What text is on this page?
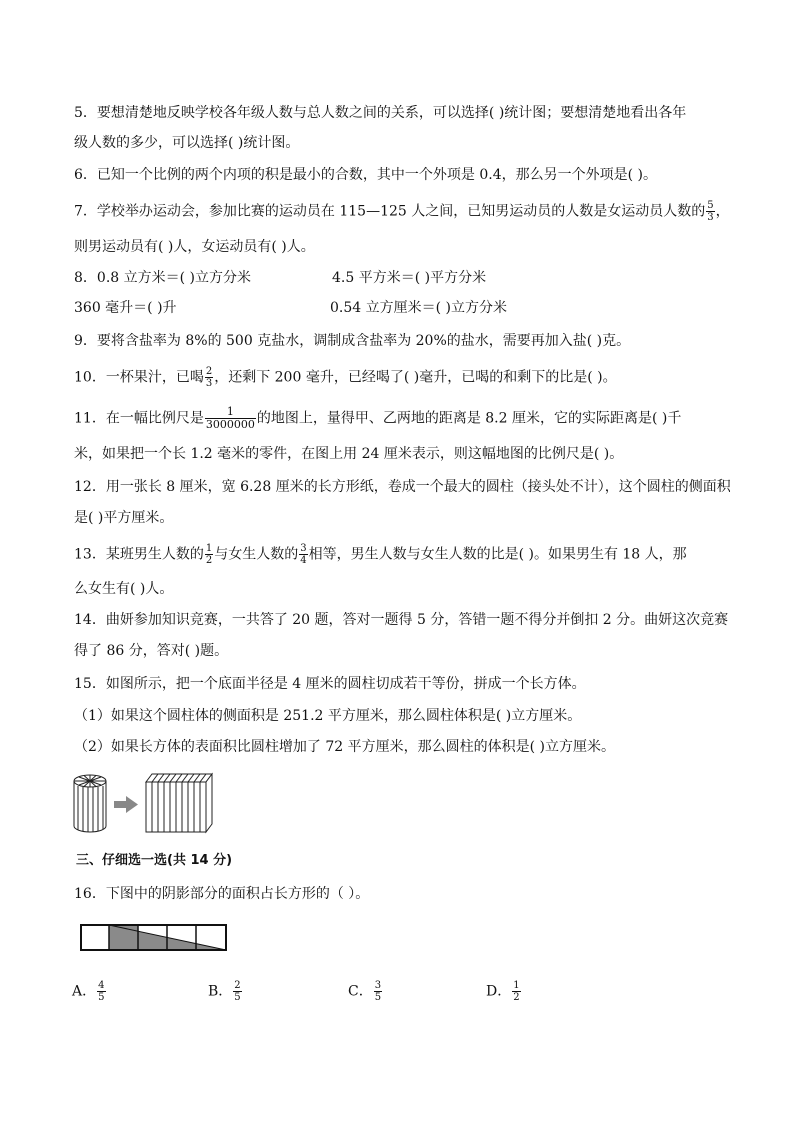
5．要想清楚地反映学校各年级人数与总人数之间的关系，可以选择( )统计图；要想清楚地看出各年
级人数的多少，可以选择( )统计图。
6．已知一个比例的两个内项的积是最小的合数，其中一个外项是 0.4，那么另一个外项是( )。
7．学校举办运动会，参加比赛的运动员在 115—125 人之间，已知男运动员的人数是女运动员人数的 $\frac{5}{3}$ ，
则男运动员有( )人，女运动员有( )人。
8．0.8 立方米＝( )立方分米	4.5 平方米＝( )平方分米
360 毫升＝( )升	0.54 立方厘米＝( )立方分米
9．要将含盐率为 8%的 500 克盐水，调制成含盐率为 20%的盐水，需要再加入盐( )克。
10．一杯果汁，已喝 $\frac{2}{3}$ ，还剩下 200 毫升，已经喝了( )毫升，已喝的和剩下的比是( )。
11．在一幅比例尺是 $\frac{1}{3000000}$ 的地图上，量得甲、乙两地的距离是 8.2 厘米，它的实际距离是( )千
米，如果把一个长 1.2 毫米的零件，在图上用 24 厘米表示，则这幅地图的比例尺是( )。
12．用一张长 8 厘米，宽 6.28 厘米的长方形纸，卷成一个最大的圆柱（接头处不计），这个圆柱的侧面积
是( )平方厘米。
13．某班男生人数的 $\frac{1}{2}$ 与女生人数的 $\frac{3}{4}$ 相等，男生人数与女生人数的比是( )。如果男生有 18 人，那
么女生有( )人。
14．曲妍参加知识竞赛，一共答了 20 题，答对一题得 5 分，答错一题不得分并倒扣 2 分。曲妍这次竞赛
得了 86 分，答对( )题。
15．如图所示，把一个底面半径是 4 厘米的圆柱切成若干等份，拼成一个长方体。
（1）如果这个圆柱体的侧面积是 251.2 平方厘米，那么圆柱体积是( )立方厘米。
（2）如果长方体的表面积比圆柱增加了 72 平方厘米，那么圆柱的体积是( )立方厘米。
三、仔细选一选(共 14 分)
16．下图中的阴影部分的面积占长方形的（ ）。
A． $\frac{4}{5}$	B． $\frac{2}{5}$	C． $\frac{3}{5}$	D． $\frac{1}{2}$
